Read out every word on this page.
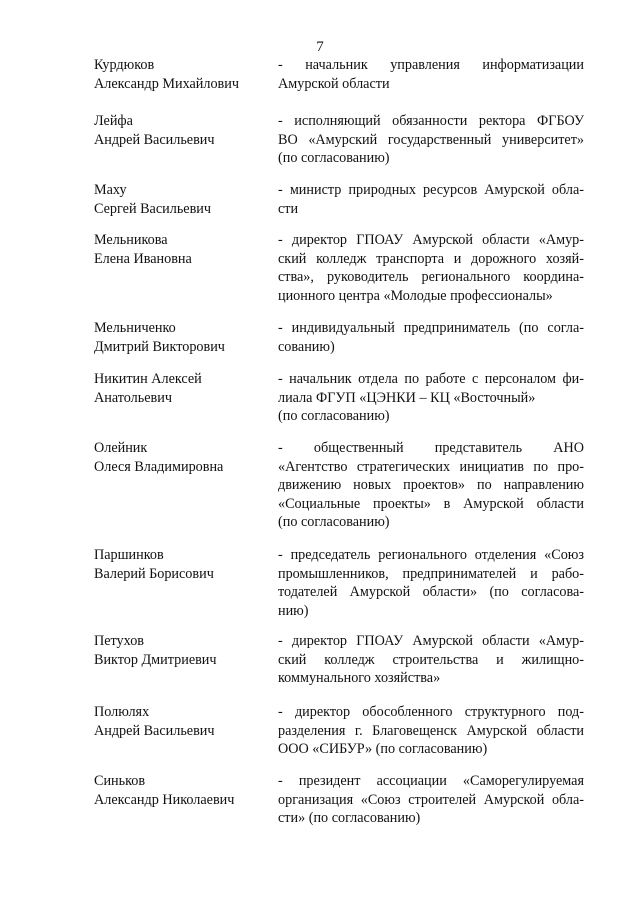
7
Курдюков
Александр Михайлович
- начальник управления информатизации
Амурской области
Лейфа
Андрей Васильевич
- исполняющий обязанности ректора ФГБОУ
ВО «Амурский государственный университет»
(по согласованию)
Маху
Сергей Васильевич
- министр природных ресурсов Амурской обла-
сти
Мельникова
Елена Ивановна
- директор ГПОАУ Амурской области «Амур-
ский колледж транспорта и дорожного хозяй-
ства», руководитель регионального координа-
ционного центра «Молодые профессионалы»
Мельниченко
Дмитрий Викторович
- индивидуальный предприниматель (по согла-
сованию)
Никитин Алексей
Анатольевич
- начальник отдела по работе с персоналом фи-
лиала ФГУП «ЦЭНКИ – КЦ «Восточный»
(по согласованию)
Олейник
Олеся Владимировна
- общественный представитель АНО
«Агентство стратегических инициатив по про-
движению новых проектов» по направлению
«Социальные проекты» в Амурской области
(по согласованию)
Паршинков
Валерий Борисович
- председатель регионального отделения «Союз
промышленников, предпринимателей и рабо-
тодателей Амурской области» (по согласова-
нию)
Петухов
Виктор Дмитриевич
- директор ГПОАУ Амурской области «Амур-
ский колледж строительства и жилищно-
коммунального хозяйства»
Полюлях
Андрей Васильевич
- директор обособленного структурного под-
разделения г. Благовещенск Амурской области
ООО «СИБУР» (по согласованию)
Синьков
Александр Николаевич
- президент ассоциации «Саморегулируемая
организация «Союз строителей Амурской обла-
сти» (по согласованию)
